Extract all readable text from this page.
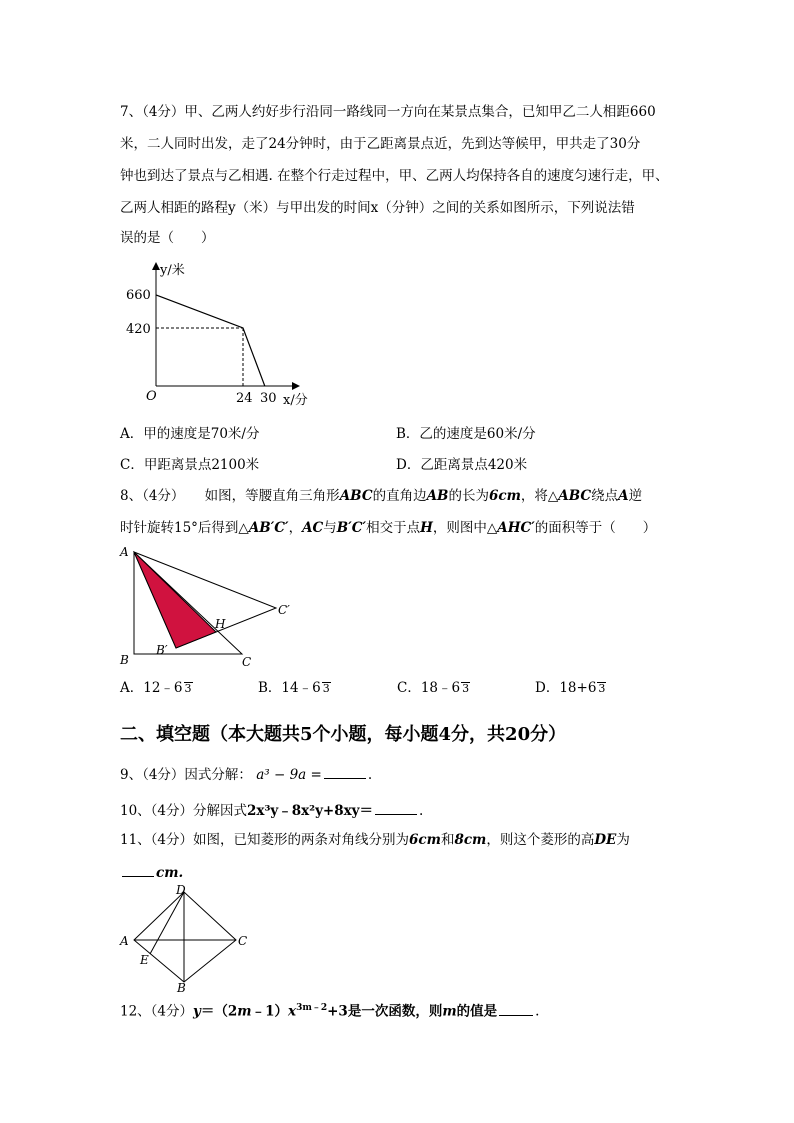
7、（4分）甲、乙两人约好步行沿同一路线同一方向在某景点集合，已知甲乙二人相距660
米，二人同时出发，走了24分钟时，由于乙距离景点近，先到达等候甲，甲共走了30分
钟也到达了景点与乙相遇. 在整个行走过程中，甲、乙两人均保持各自的速度匀速行走，甲、
乙两人相距的路程y（米）与甲出发的时间x（分钟）之间的关系如图所示，下列说法错
误的是（　　）
y/米
660
420
O	24 30 x/分
A．甲的速度是70米/分	B．乙的速度是60米/分
C．甲距离景点2100米	D．乙距离景点420米
8、（4分）　　如图，等腰直角三角形ABC的直角边AB的长为6cm，将△ABC绕点A逆
时针旋转15°后得到△AB′C′，AC与B′C′相交于点H，则图中△AHC′的面积等于（　　）
A
B	C
B′
C′
H
A．12﹣6 3	B．14﹣6 3	C．18﹣6 3	D．18+6 3
二、填空题（本大题共5个小题，每小题4分，共20分）
9、（4分）因式分解： a³ − 9a =	.
10、（4分）分解因式2x³y﹣8x²y+8xy＝	.
11、（4分）如图，已知菱形的两条对角线分别为6cm和8cm，则这个菱形的高DE为
cm.
A
B
C
D
E
12、（4分）$y=(2m﹣1)x^{3m﹣2}+3$是一次函数，则m的值是	.
